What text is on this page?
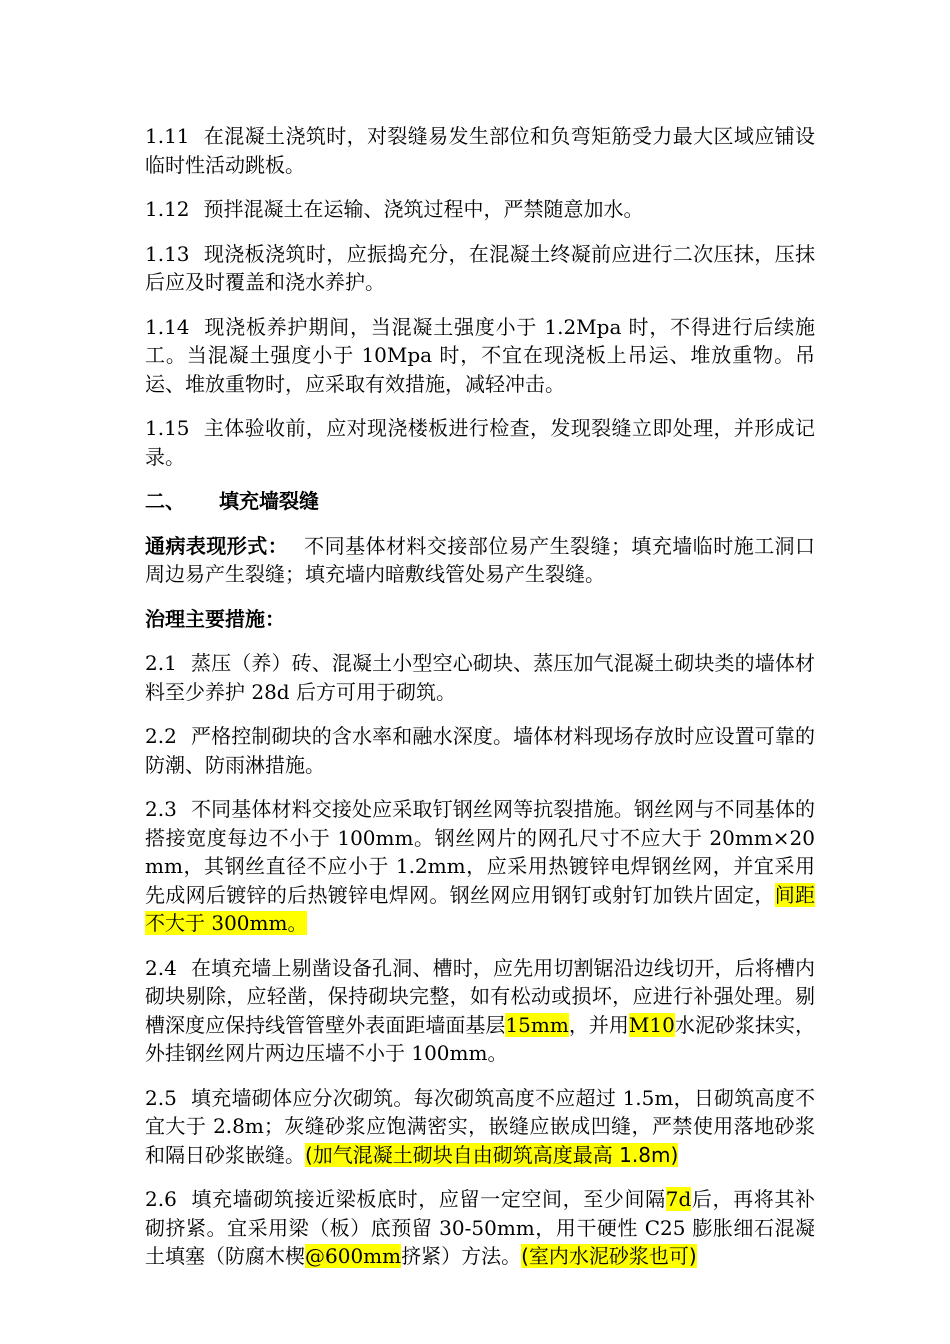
1.11 在混凝土浇筑时，对裂缝易发生部位和负弯矩筋受力最大区域应铺设临时性活动跳板。

1.12 预拌混凝土在运输、浇筑过程中，严禁随意加水。

1.13 现浇板浇筑时，应振捣充分，在混凝土终凝前应进行二次压抹，压抹后应及时覆盖和浇水养护。

1.14 现浇板养护期间，当混凝土强度小于 1.2Mpa 时，不得进行后续施工。当混凝土强度小于 10Mpa 时，不宜在现浇板上吊运、堆放重物。吊运、堆放重物时，应采取有效措施，减轻冲击。

1.15 主体验收前，应对现浇楼板进行检查，发现裂缝立即处理，并形成记录。

二、 填充墙裂缝

通病表现形式： 不同基体材料交接部位易产生裂缝；填充墙临时施工洞口周边易产生裂缝；填充墙内暗敷线管处易产生裂缝。

治理主要措施：

2.1 蒸压（养）砖、混凝土小型空心砌块、蒸压加气混凝土砌块类的墙体材料至少养护 28d 后方可用于砌筑。

2.2 严格控制砌块的含水率和融水深度。墙体材料现场存放时应设置可靠的防潮、防雨淋措施。

2.3 不同基体材料交接处应采取钉钢丝网等抗裂措施。钢丝网与不同基体的搭接宽度每边不小于 100mm。钢丝网片的网孔尺寸不应大于 20mm×20mm，其钢丝直径不应小于 1.2mm，应采用热镀锌电焊钢丝网，并宜采用先成网后镀锌的后热镀锌电焊网。钢丝网应用钢钉或射钉加铁片固定，间距不大于 300mm。

2.4 在填充墙上剔凿设备孔洞、槽时，应先用切割锯沿边线切开，后将槽内砌块剔除，应轻凿，保持砌块完整，如有松动或损坏，应进行补强处理。剔槽深度应保持线管管壁外表面距墙面基层15mm，并用M10水泥砂浆抹实，外挂钢丝网片两边压墙不小于 100mm。

2.5 填充墙砌体应分次砌筑。每次砌筑高度不应超过 1.5m，日砌筑高度不宜大于 2.8m；灰缝砂浆应饱满密实，嵌缝应嵌成凹缝，严禁使用落地砂浆和隔日砂浆嵌缝。(加气混凝土砌块自由砌筑高度最高 1.8m)

2.6 填充墙砌筑接近梁板底时，应留一定空间，至少间隔7d后，再将其补砌挤紧。宜采用梁（板）底预留 30-50mm，用干硬性 C25 膨胀细石混凝土填塞（防腐木楔@600mm挤紧）方法。(室内水泥砂浆也可)
